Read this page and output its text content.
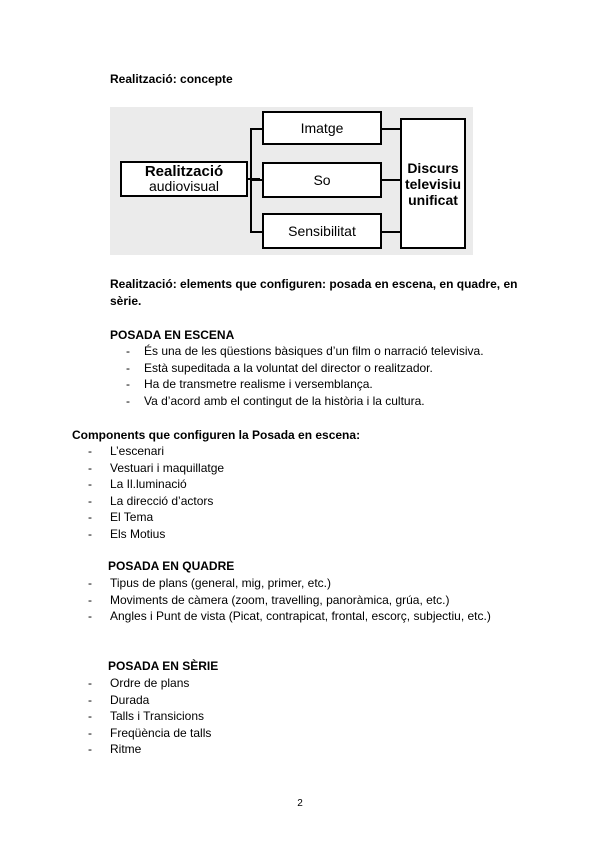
Realització: concepte
Realització
audiovisual
Imatge
So
Sensibilitat
Discurs
televisiu
unificat
Realització: elements que configuren: posada en escena, en quadre, en sèrie.
POSADA EN ESCENA
- És una de les qüestions bàsiques d’un film o narració televisiva.
- Està supeditada a la voluntat del director o realitzador.
- Ha de transmetre realisme i versemblança.
- Va d’acord amb el contingut de la història i la cultura.
Components que configuren la Posada en escena:
- L’escenari
- Vestuari i maquillatge
- La Il.luminació
- La direcció d’actors
- El Tema
- Els Motius
POSADA EN QUADRE
- Tipus de plans (general, mig, primer, etc.)
- Moviments de càmera (zoom, travelling, panoràmica, grúa, etc.)
- Angles i Punt de vista (Picat, contrapicat, frontal, escorç, subjectiu, etc.)
POSADA EN SÈRIE
- Ordre de plans
- Durada
- Talls i Transicions
- Freqüència de talls
- Ritme
2
